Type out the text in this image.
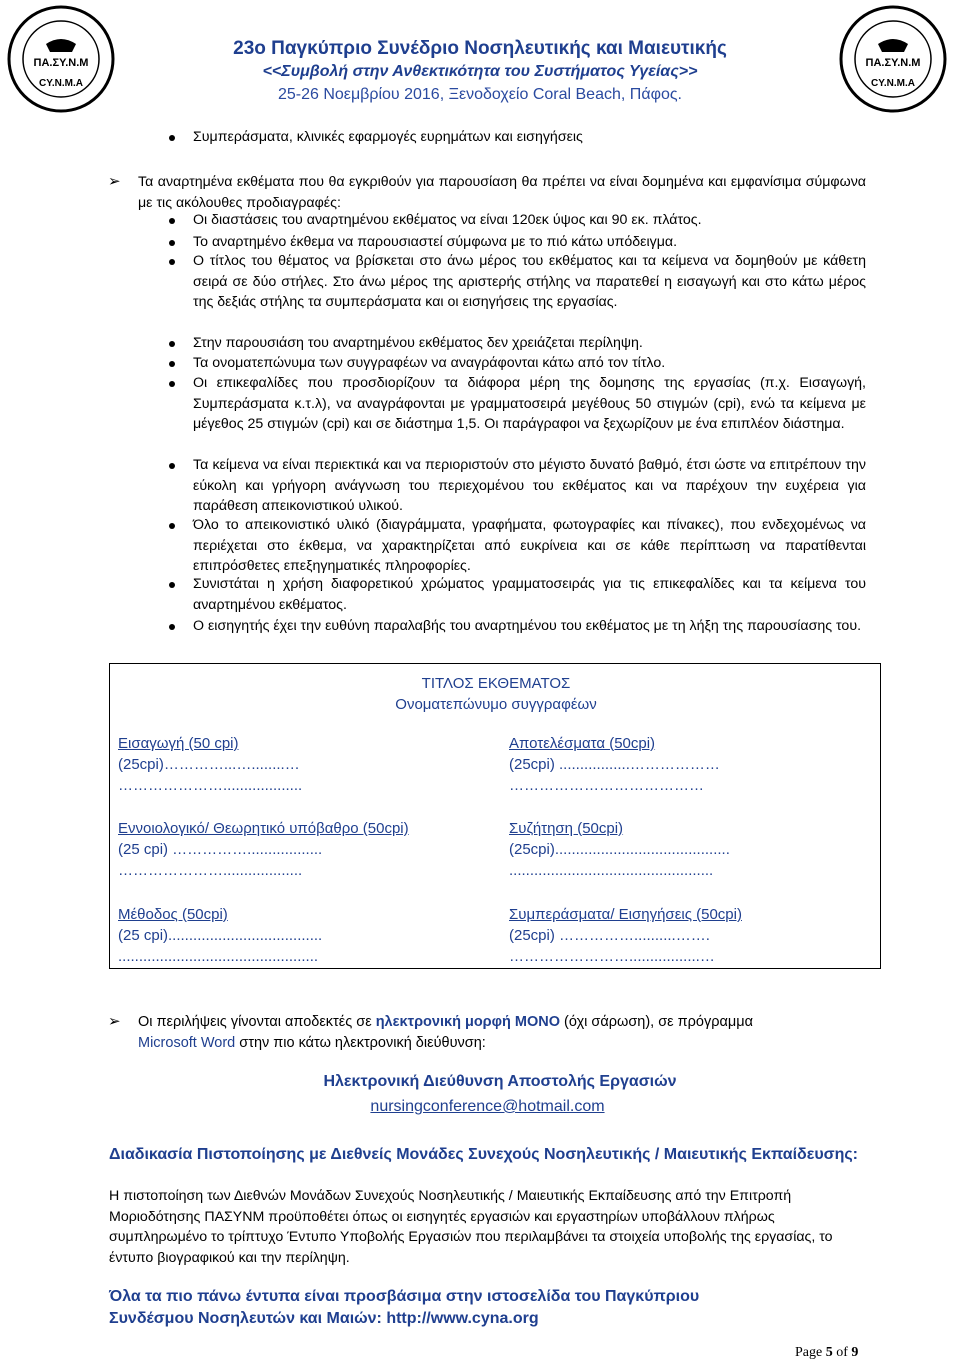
ΠΑ.ΣΥ.Ν.Μ
CY.N.M.A
ΠΑ.ΣΥ.Ν.Μ
CY.N.M.A
23ο Παγκύπριο Συνέδριο Νοσηλευτικής και Μαιευτικής
<<Συμβολή στην Ανθεκτικότητα του Συστήματος Υγείας>>
25-26 Νοεμβρίου 2016, Ξενοδοχείο Coral Beach, Πάφος.
Συμπεράσματα, κλινικές εφαρμογές ευρημάτων και εισηγήσεις
➢ Τα αναρτημένα εκθέματα που θα εγκριθούν για παρουσίαση θα πρέπει να είναι δομημένα και εμφανίσιμα σύμφωνα με τις ακόλουθες προδιαγραφές:
Οι διαστάσεις του αναρτημένου εκθέματος να είναι 120εκ ύψος και 90 εκ. πλάτος.
Το αναρτημένο έκθεμα να παρουσιαστεί σύμφωνα με το πιό κάτω υπόδειγμα.
Ο τίτλος του θέματος να βρίσκεται στο άνω μέρος του εκθέματος και τα κείμενα να δομηθούν με κάθετη σειρά σε δύο στήλες. Στο άνω μέρος της αριστερής στήλης να παρατεθεί η εισαγωγή και στο κάτω μέρος της δεξιάς στήλης τα συμπεράσματα και οι εισηγήσεις της εργασίας.
Στην παρουσιάση του αναρτημένου εκθέματος δεν χρειάζεται περίληψη.
Τα ονοματεπώνυμα των συγγραφέων να αναγράφονται κάτω από τον τίτλο.
Οι επικεφαλίδες που προσδιορίζουν τα διάφορα μέρη της δομησης της εργασίας (π.χ. Εισαγωγή, Συμπεράσματα κ.τ.λ), να αναγράφονται με γραμματοσειρά μεγέθους 50 στιγμών (cpi), ενώ τα κείμενα με μέγεθος 25 στιγμών (cpi) και σε διάστημα 1,5. Οι παράγραφοι να ξεχωρίζουν με ένα επιπλέον διάστημα.
Τα κείμενα να είναι περιεκτικά και να περιοριστούν στο μέγιστο δυνατό βαθμό, έτσι ώστε να επιτρέπουν την εύκολη και γρήγορη ανάγνωση του περιεχομένου του εκθέματος και να παρέχουν την ευχέρεια για παράθεση απεικονιστικού υλικού.
Όλο το απεικονιστικό υλικό (διαγράμματα, γραφήματα, φωτογραφίες και πίνακες), που ενδεχομένως να περιέχεται στο έκθεμα, να χαρακτηρίζεται από ευκρίνεια και σε κάθε περίπτωση να παρατίθενται επιπρόσθετες επεξηγηματικές πληροφορίες.
Συνιστάται η χρήση διαφορετικού χρώματος γραμματοσειράς για τις επικεφαλίδες και τα κείμενα του αναρτημένου εκθέματος.
Ο εισηγητής έχει την ευθύνη παραλαβής του αναρτημένου του εκθέματος με τη λήξη της παρουσίασης του.
ΤΙΤΛΟΣ ΕΚΘΕΜΑΤΟΣ
Ονοματεπώνυμο συγγραφέων
Εισαγωγή (50 cpi)
(25cpi)…………...…........…
…………………...................
Εννοιολογικό/ Θεωρητικό υπόβαθρο (50cpi)
(25 cpi) ……………..................
…………………...................
Μέθοδος (50cpi)
(25 cpi).....................................
................................................
Αποτελέσματα (50cpi)
(25cpi) .................………………
…………………………………
Συζήτηση (50cpi)
(25cpi)..........................................
.................................................
Συμπεράσματα/ Εισηγήσεις (50cpi)
(25cpi) ……………..........…….
…………………….................…
➢ Οι περιλήψεις γίνονται αποδεκτές σε ηλεκτρονική μορφή ΜΟΝΟ (όχι σάρωση), σε πρόγραμμα
Microsoft Word στην πιο κάτω ηλεκτρονική διεύθυνση:
Ηλεκτρονική Διεύθυνση Αποστολής Εργασιών
nursingconference@hotmail.com
Διαδικασία Πιστοποίησης με Διεθνείς Μονάδες Συνεχούς Νοσηλευτικής / Μαιευτικής Εκπαίδευσης:
Η πιστοποίηση των Διεθνών Μονάδων Συνεχούς Νοσηλευτικής / Μαιευτικής Εκπαίδευσης από την Επιτροπή Μοριοδότησης ΠΑΣΥΝΜ προϋποθέτει όπως οι εισηγητές εργασιών και εργαστηρίων υποβάλλουν πλήρως συμπληρωμένο το τρίπτυχο Έντυπο Υποβολής Εργασιών που περιλαμβάνει τα στοιχεία υποβολής της εργασίας, το έντυπο βιογραφικού και την περίληψη.
Όλα τα πιο πάνω έντυπα είναι προσβάσιμα στην ιστοσελίδα του Παγκύπριου
Συνδέσμου Νοσηλευτών και Μαιών: http://www.cyna.org
Page 5 of 9
